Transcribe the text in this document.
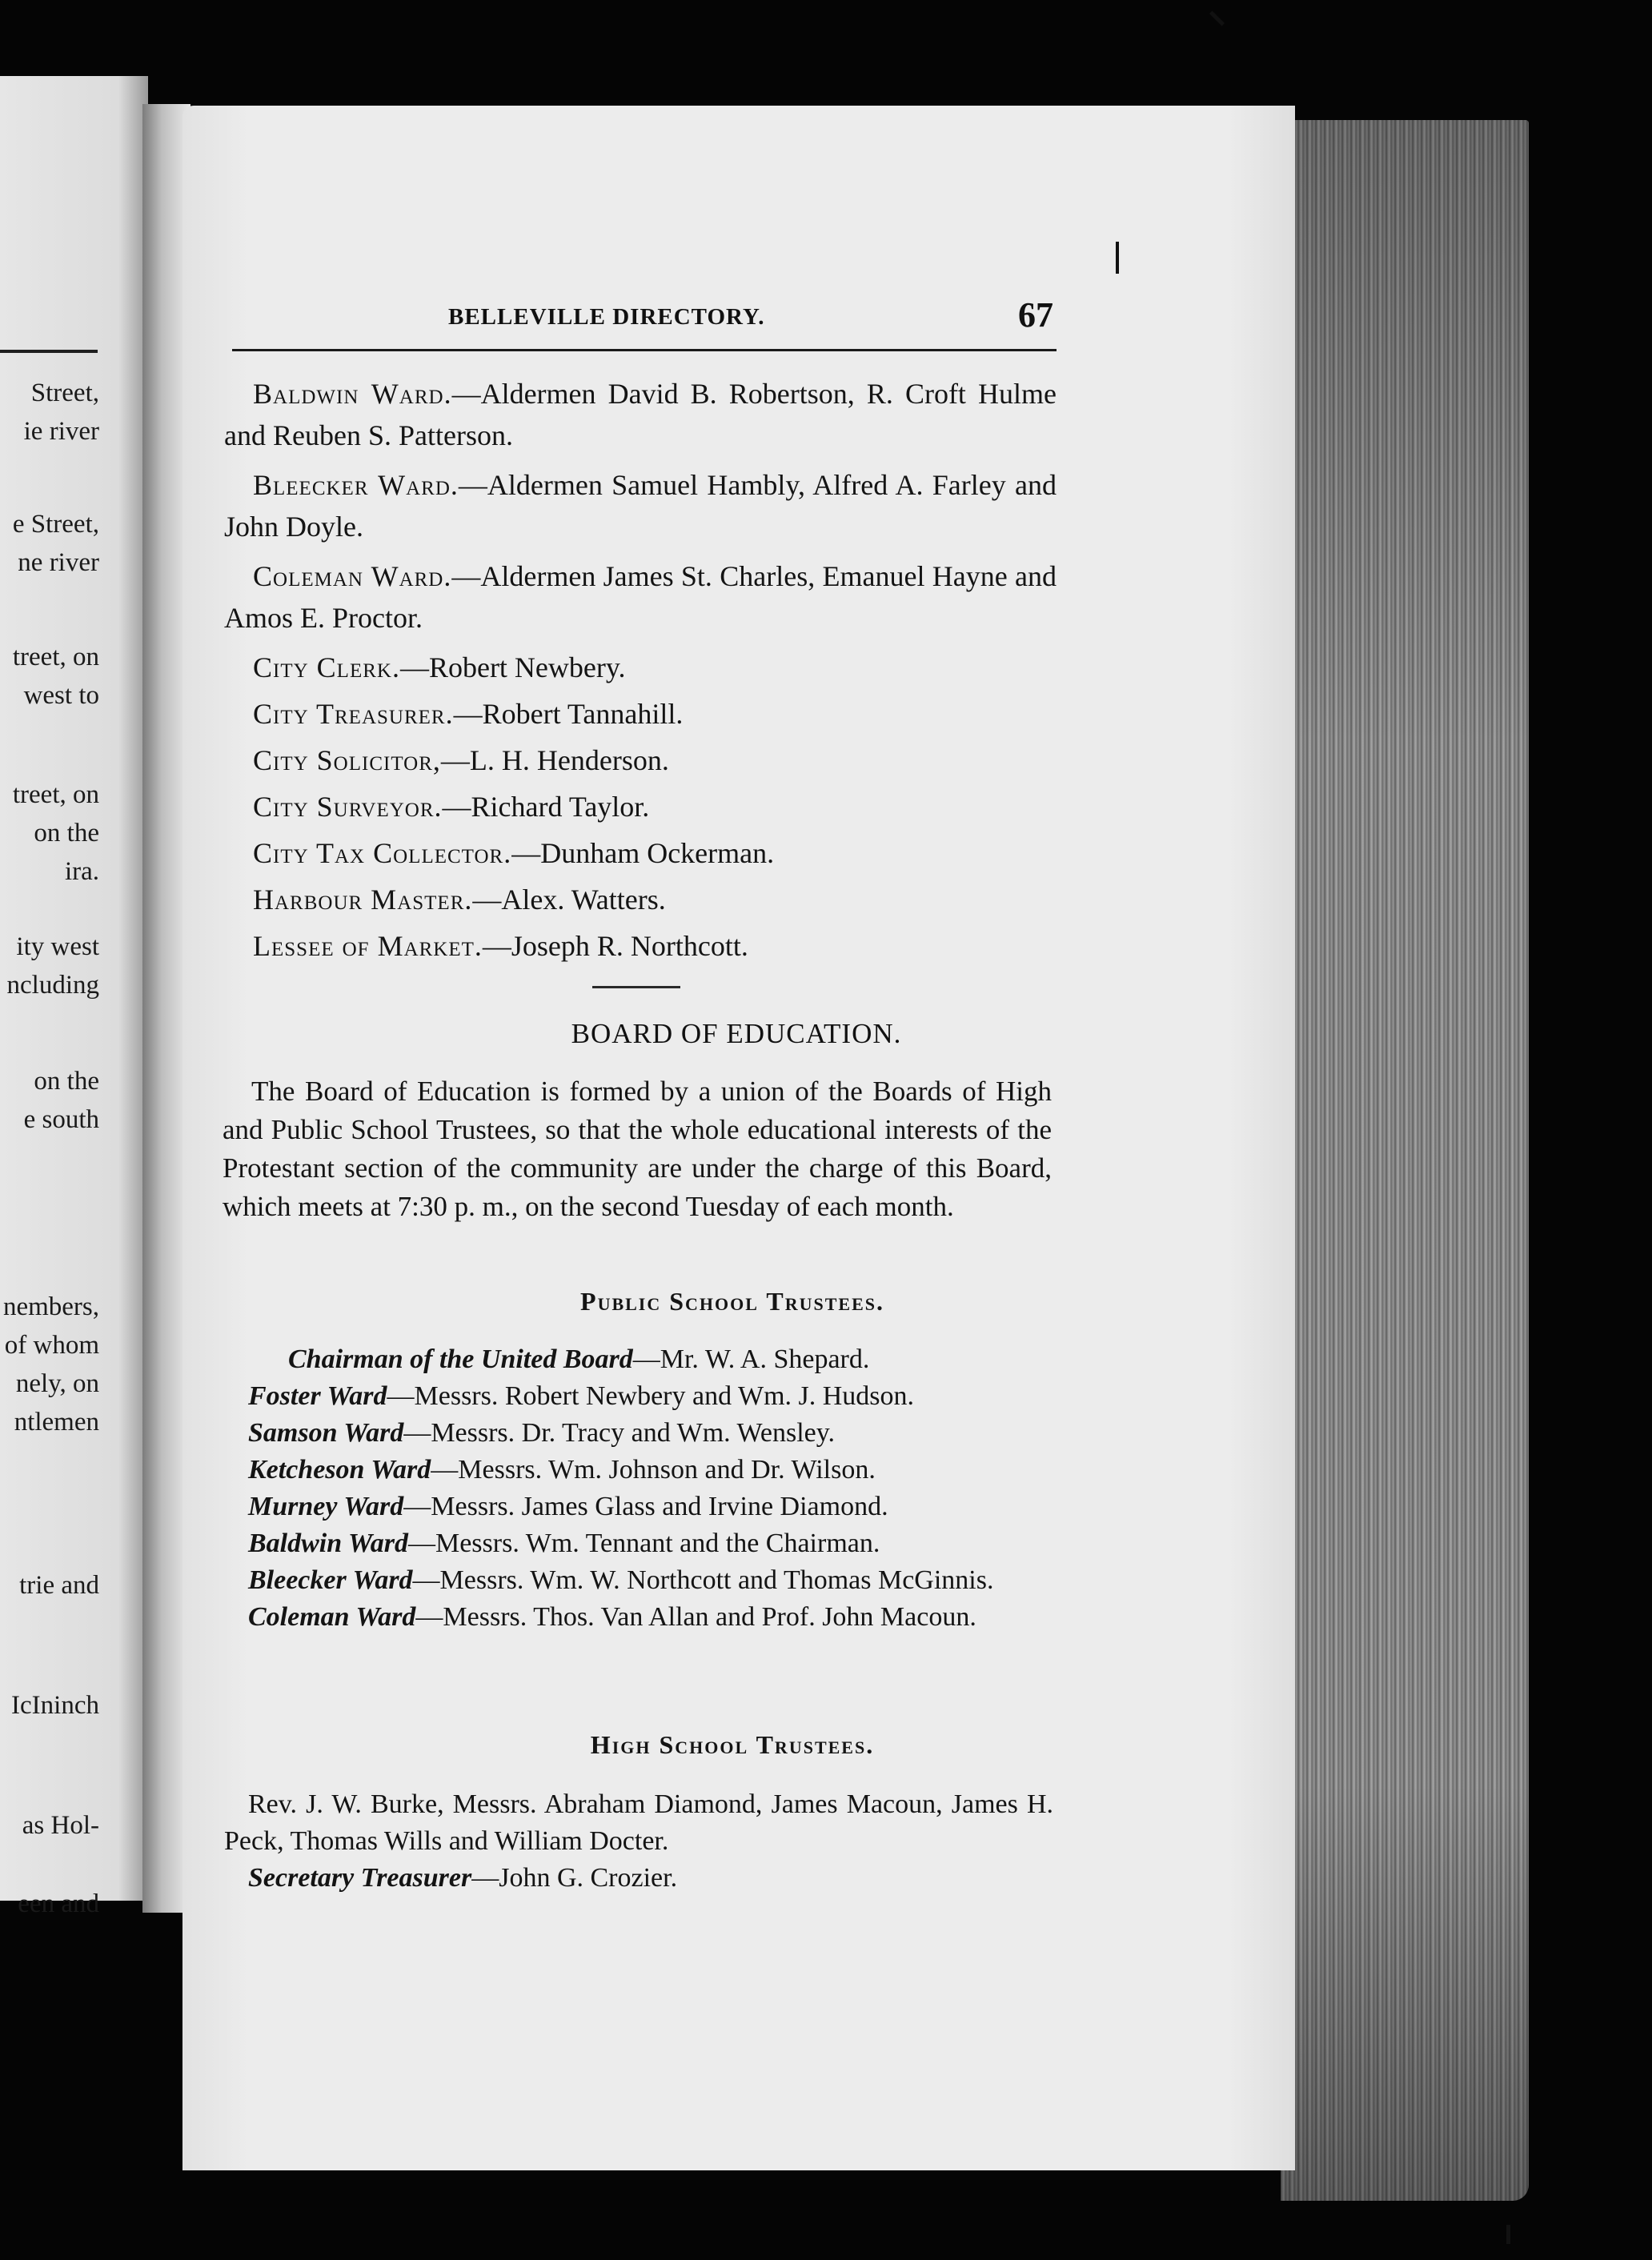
Street,
ie river
e Street,
ne river
treet, on
west to
treet, on
on the
ira.
ity west
ncluding
on the
e south
nembers,
of whom
nely, on
ntlemen
trie and
IcIninch
as Hol-
een and
BELLEVILLE DIRECTORY.	67
Baldwin Ward.—Aldermen David B. Robertson, R. Croft Hulme and Reuben S. Patterson.
Bleecker Ward.—Aldermen Samuel Hambly, Alfred A. Farley and John Doyle.
Coleman Ward.—Aldermen James St. Charles, Emanuel Hayne and Amos E. Proctor.
City Clerk.—Robert Newbery.
City Treasurer.—Robert Tannahill.
City Solicitor,—L. H. Henderson.
City Surveyor.—Richard Taylor.
City Tax Collector.—Dunham Ockerman.
Harbour Master.—Alex. Watters.
Lessee of Market.—Joseph R. Northcott.
BOARD OF EDUCATION.
The Board of Education is formed by a union of the Boards of High and Public School Trustees, so that the whole educational interests of the Protestant section of the community are under the charge of this Board, which meets at 7:30 p. m., on the second Tuesday of each month.
Public School Trustees.
Chairman of the United Board—Mr. W. A. Shepard.
Foster Ward—Messrs. Robert Newbery and Wm. J. Hudson.
Samson Ward—Messrs. Dr. Tracy and Wm. Wensley.
Ketcheson Ward—Messrs. Wm. Johnson and Dr. Wilson.
Murney Ward—Messrs. James Glass and Irvine Diamond.
Baldwin Ward—Messrs. Wm. Tennant and the Chairman.
Bleecker Ward—Messrs. Wm. W. Northcott and Thomas McGinnis.
Coleman Ward—Messrs. Thos. Van Allan and Prof. John Macoun.
High School Trustees.
Rev. J. W. Burke, Messrs. Abraham Diamond, James Macoun, James H. Peck, Thomas Wills and William Docter.
Secretary Treasurer—John G. Crozier.
